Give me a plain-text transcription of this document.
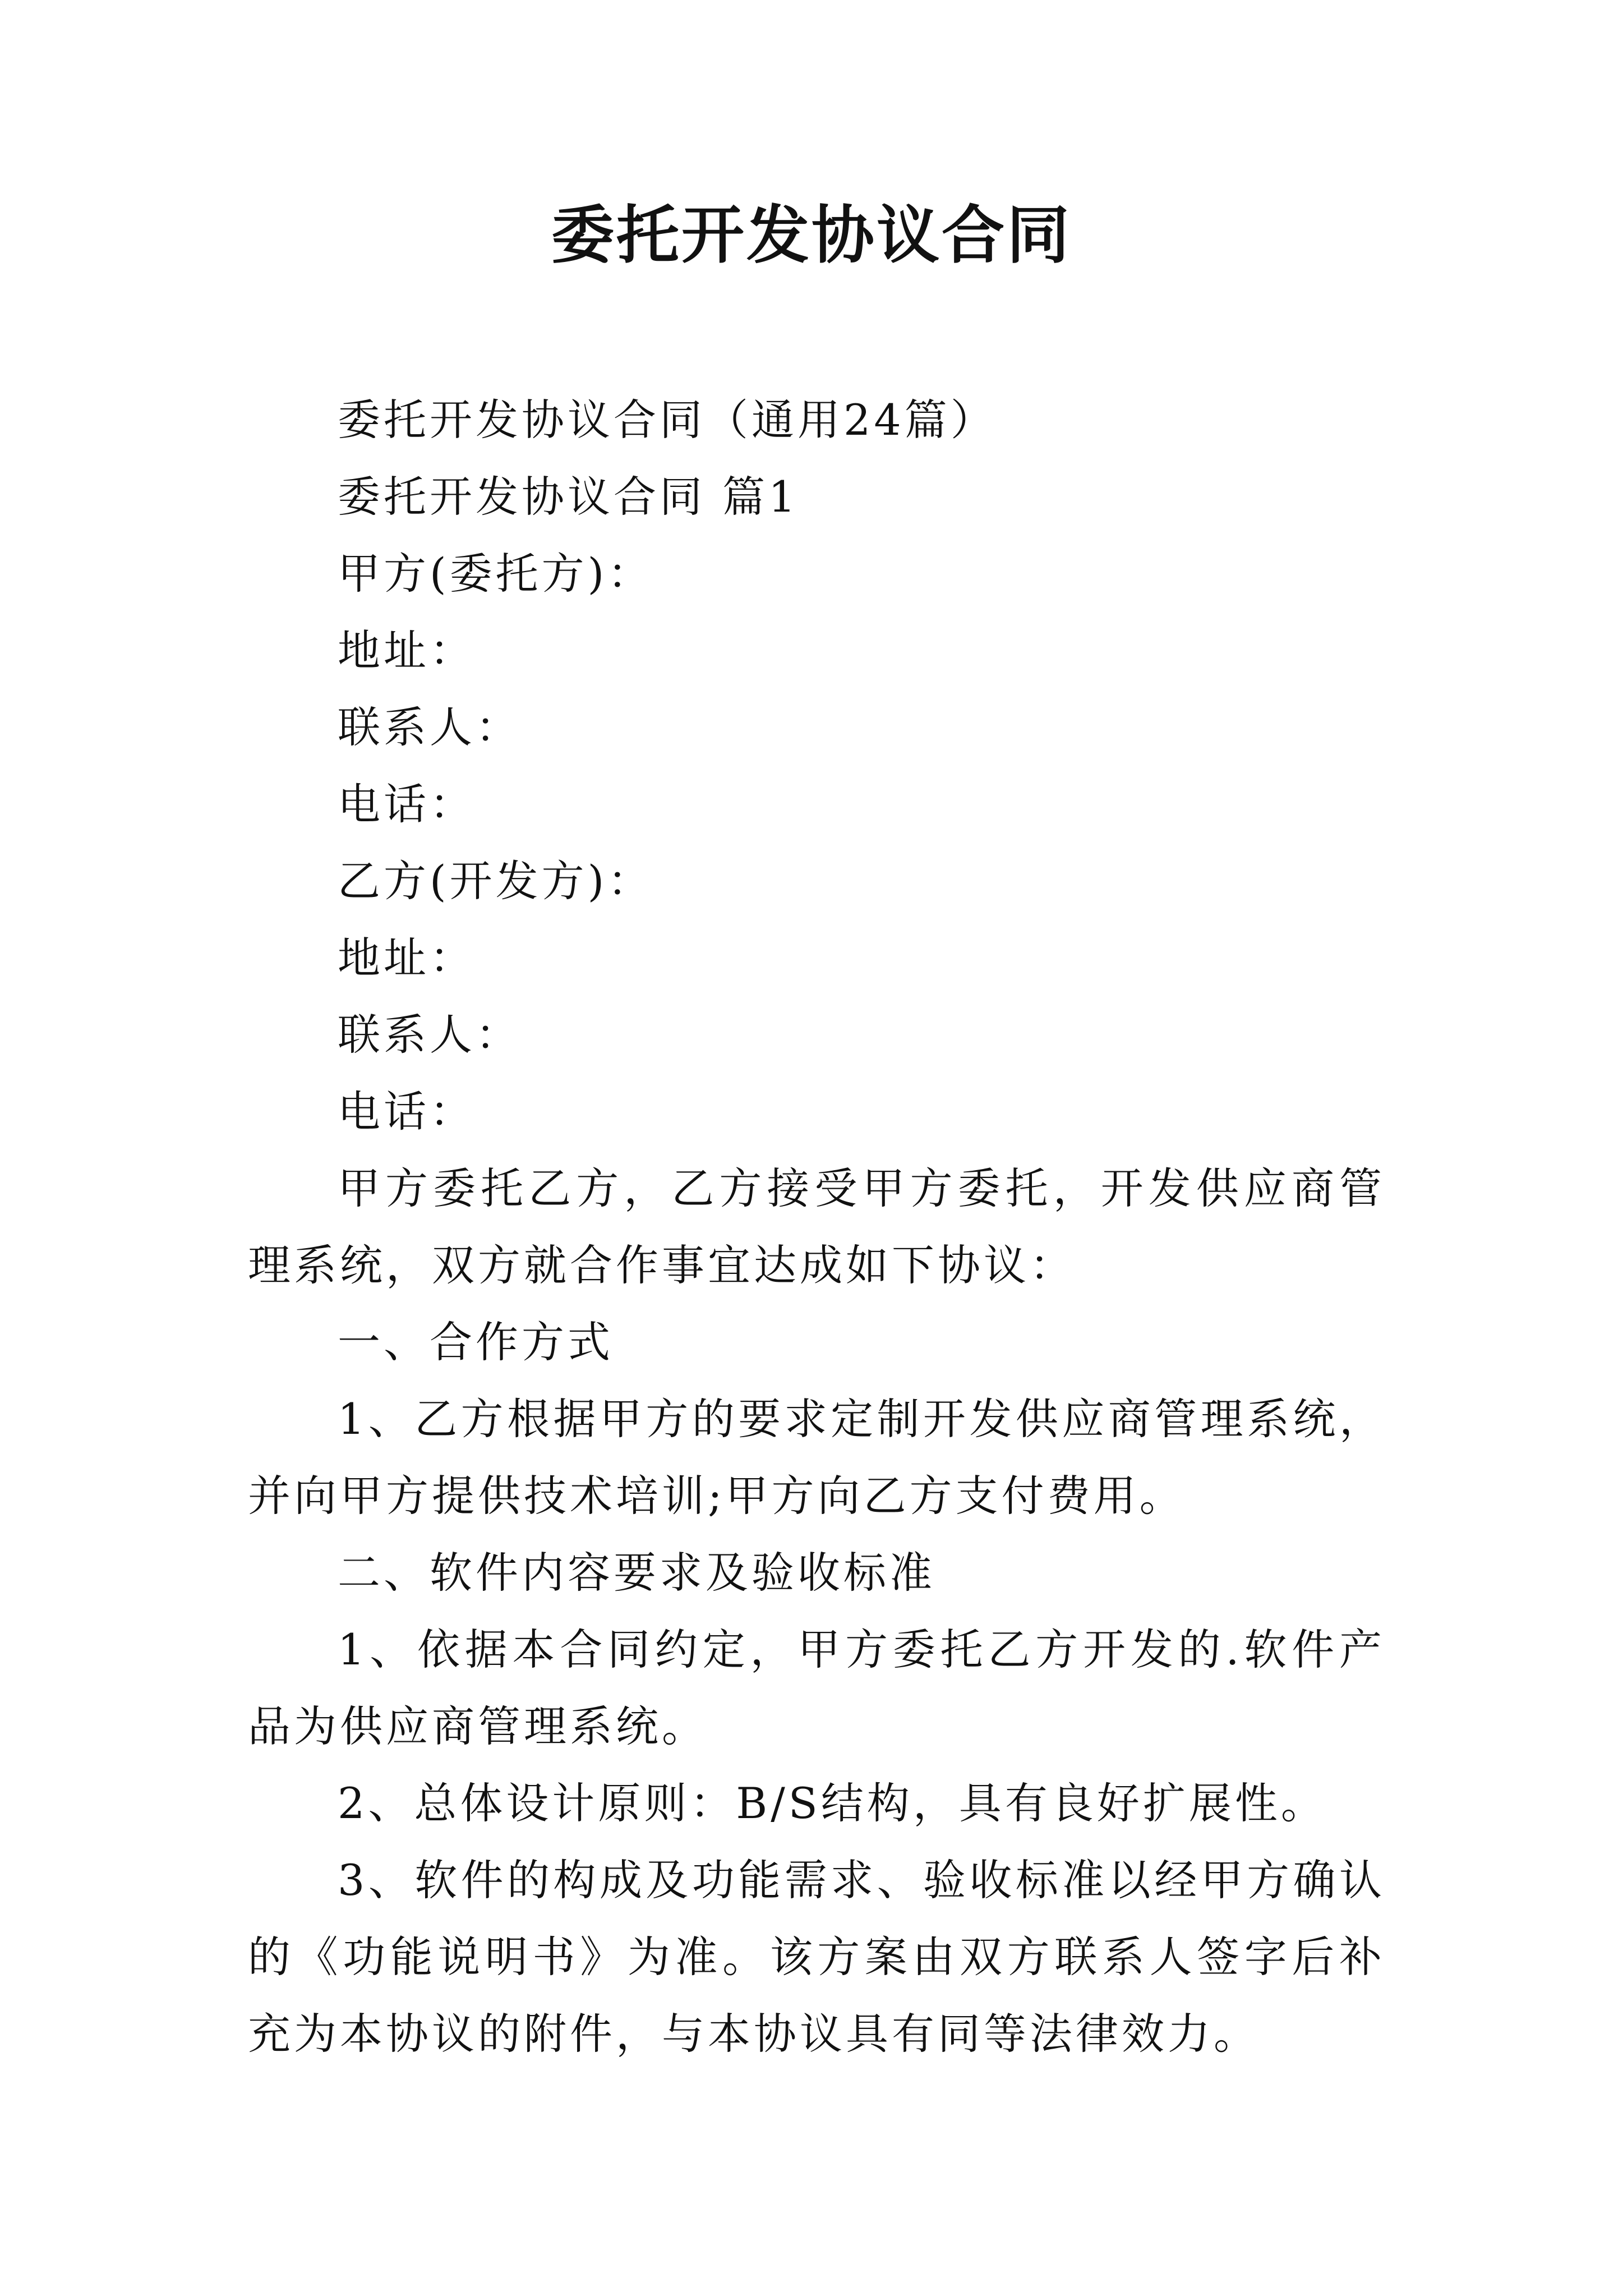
委托开发协议合同

委托开发协议合同（通用24篇）

委托开发协议合同 篇1

甲方(委托方)：

地址：

联系人：

电话：

乙方(开发方)：

地址：

联系人：

电话：

甲方委托乙方，乙方接受甲方委托，开发供应商管理系统，双方就合作事宜达成如下协议：

一、合作方式

1、乙方根据甲方的要求定制开发供应商管理系统，并向甲方提供技术培训;甲方向乙方支付费用。

二、软件内容要求及验收标准

1、依据本合同约定，甲方委托乙方开发的.软件产品为供应商管理系统。

2、总体设计原则：B/S结构，具有良好扩展性。

3、软件的构成及功能需求、验收标准以经甲方确认的《功能说明书》为准。该方案由双方联系人签字后补充为本协议的附件，与本协议具有同等法律效力。
